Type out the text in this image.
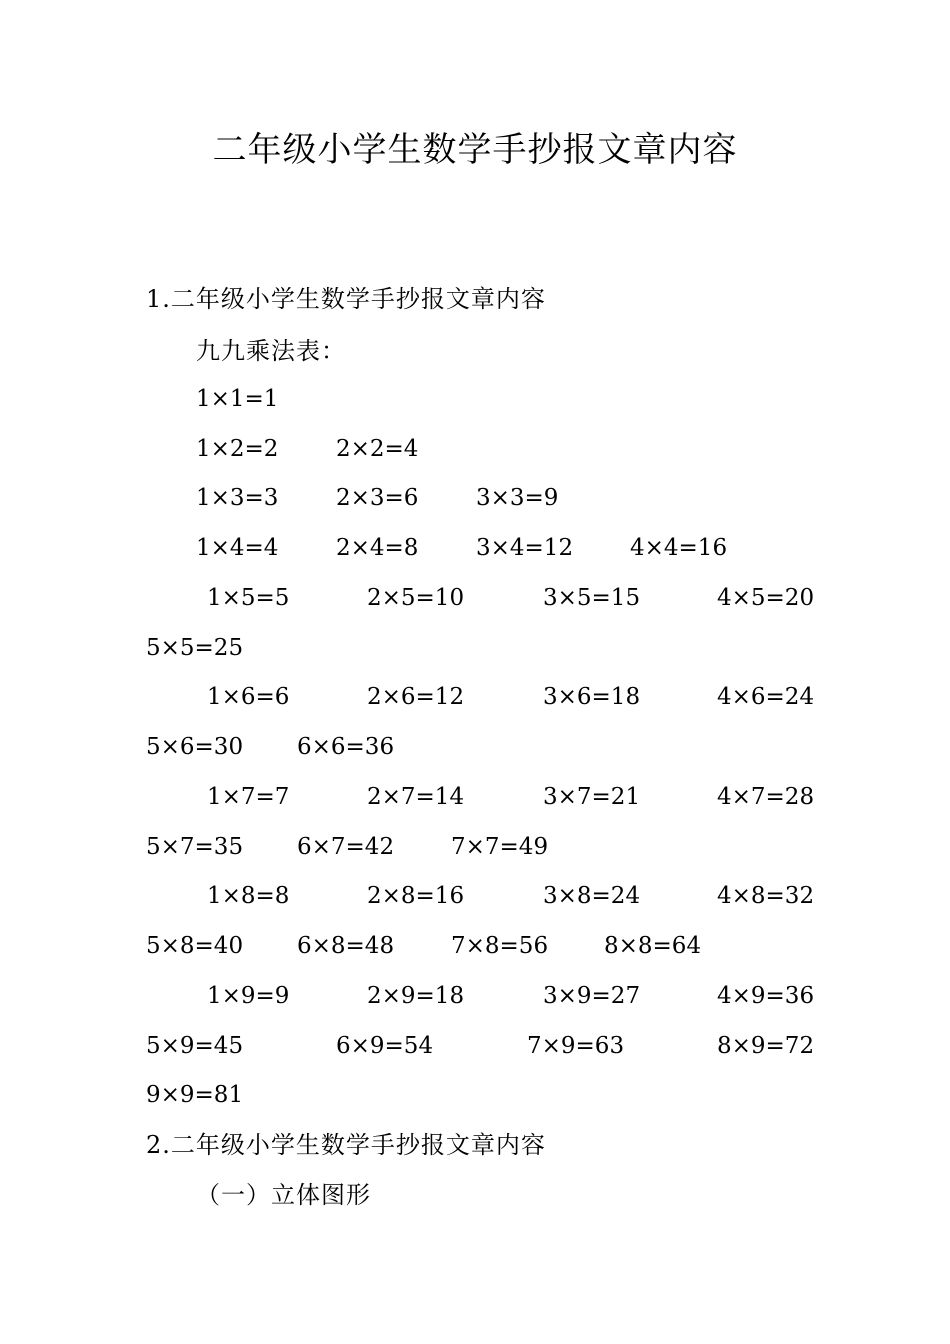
二年级小学生数学手抄报文章内容
1.二年级小学生数学手抄报文章内容
九九乘法表：
1×1=1
1×2=2	2×2=4
1×3=3	2×3=6	3×3=9
1×4=4	2×4=8	3×4=12 4×4=16
1×5=5	2×5=10	3×5=15	4×5=20
5×5=25
1×6=6	2×6=12	3×6=18	4×6=24
5×6=30 6×6=36
1×7=7	2×7=14	3×7=21	4×7=28
5×7=35 6×7=42 7×7=49
1×8=8	2×8=16	3×8=24	4×8=32
5×8=40 6×8=48 7×8=56 8×8=64
1×9=9	2×9=18	3×9=27	4×9=36
5×9=45	6×9=54	7×9=63	8×9=72
9×9=81
2.二年级小学生数学手抄报文章内容
（一）立体图形
